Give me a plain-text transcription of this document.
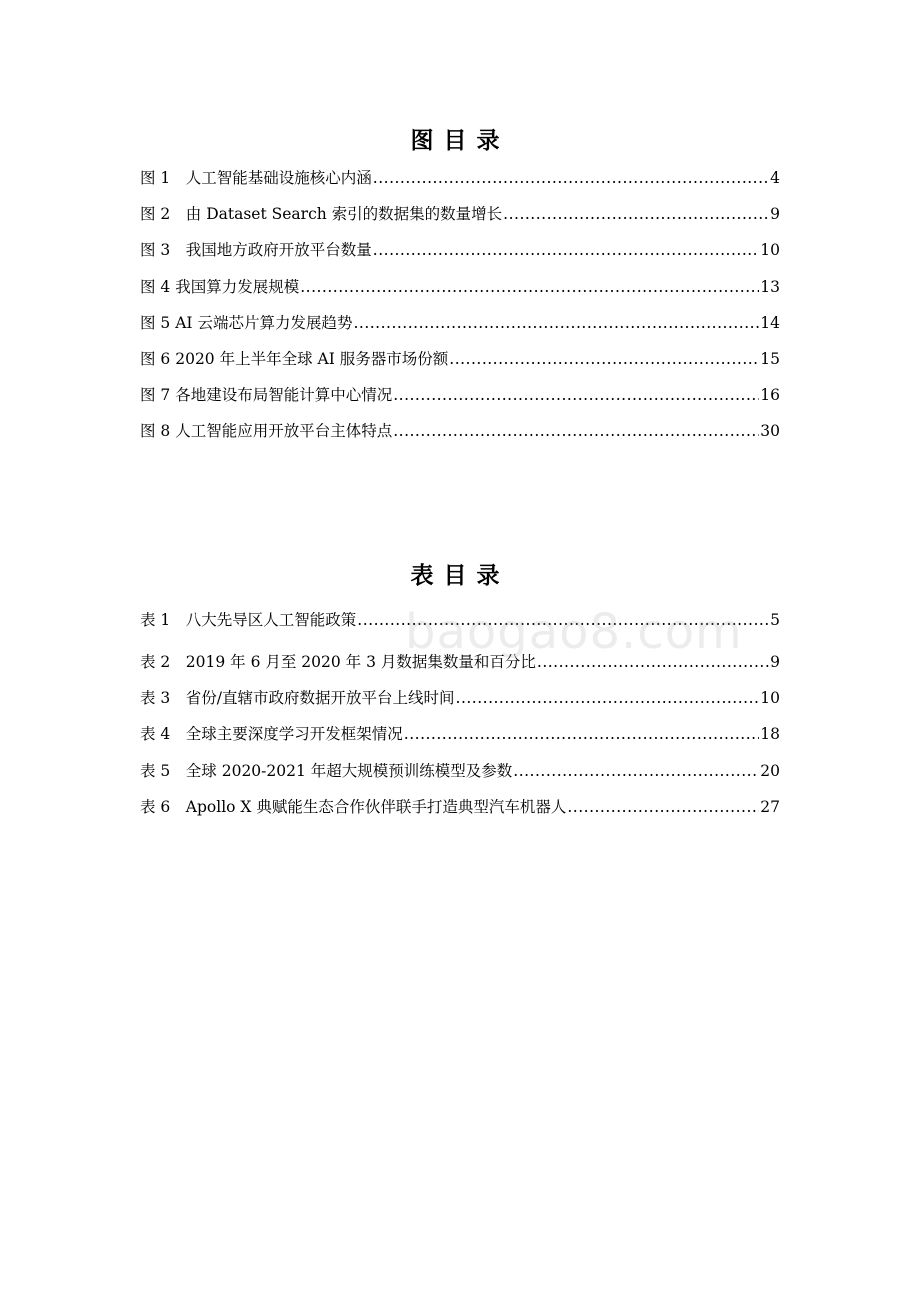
图目录
图 1　人工智能基础设施核心内涵 .....	4
图 2　由 Dataset Search 索引的数据集的数量增长 .....	9
图 3　我国地方政府开放平台数量 .....	10
图 4 我国算力发展规模 .....	13
图 5 AI 云端芯片算力发展趋势 .....	14
图 6 2020 年上半年全球 AI 服务器市场份额 .....	15
图 7 各地建设布局智能计算中心情况 .....	16
图 8 人工智能应用开放平台主体特点 .....	30
表目录
表 1　八大先导区人工智能政策 .....	5
表 2　2019 年 6 月至 2020 年 3 月数据集数量和百分比 .....	9
表 3　省份/直辖市政府数据开放平台上线时间 .....	10
表 4　全球主要深度学习开发框架情况 .....	18
表 5　全球 2020-2021 年超大规模预训练模型及参数 .....	20
表 6　Apollo X 典赋能生态合作伙伴联手打造典型汽车机器人 .....	27
baogao8.com
